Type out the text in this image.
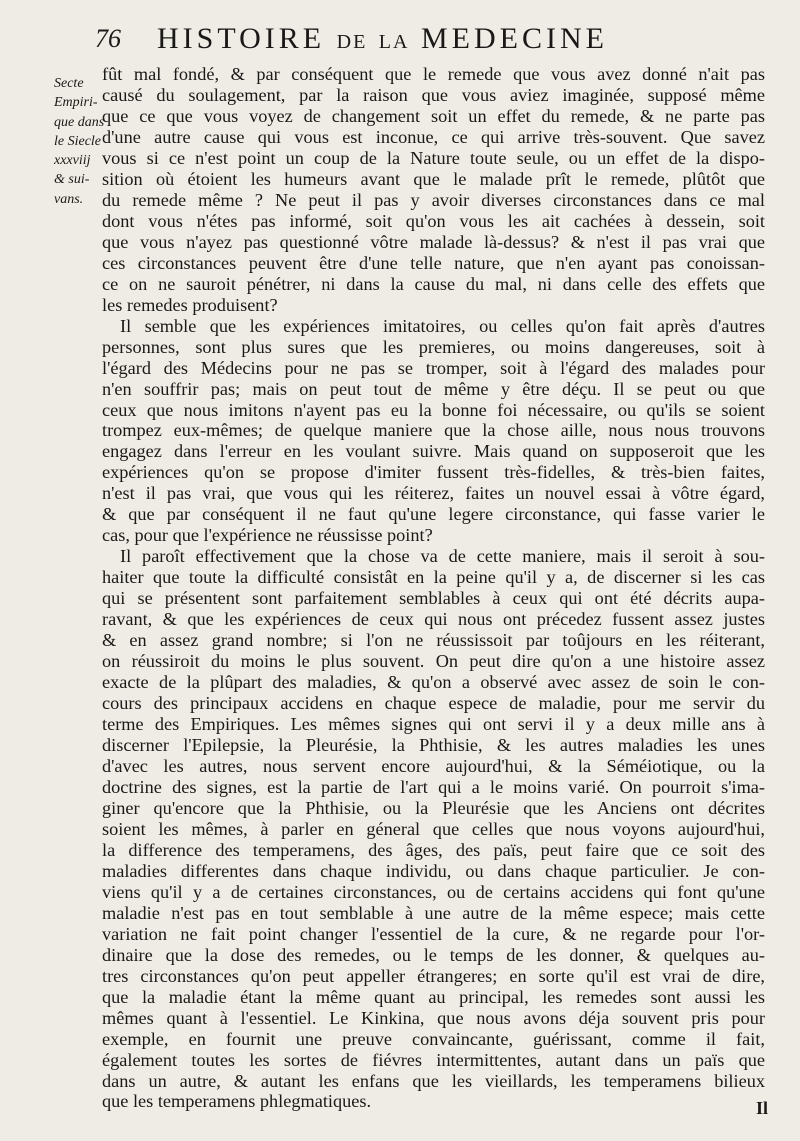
76 HISTOIRE DE LA MEDECINE
Secte
Empiri-
que dans
le Siecle
xxxviij
& sui-
vans.
fût mal fondé, & par conséquent que le remede que vous avez donné n'ait pas
causé du soulagement, par la raison que vous aviez imaginée, supposé même
que ce que vous voyez de changement soit un effet du remede, & ne parte pas
d'une autre cause qui vous est inconue, ce qui arrive très-souvent. Que savez
vous si ce n'est point un coup de la Nature toute seule, ou un effet de la dispo-
sition où étoient les humeurs avant que le malade prît le remede, plûtôt que
du remede même ? Ne peut il pas y avoir diverses circonstances dans ce mal
dont vous n'étes pas informé, soit qu'on vous les ait cachées à dessein, soit
que vous n'ayez pas questionné vôtre malade là-dessus? & n'est il pas vrai que
ces circonstances peuvent être d'une telle nature, que n'en ayant pas conoissan-
ce on ne sauroit pénétrer, ni dans la cause du mal, ni dans celle des effets que
les remedes produisent?
Il semble que les expériences imitatoires, ou celles qu'on fait après d'autres
personnes, sont plus sures que les premieres, ou moins dangereuses, soit à
l'égard des Médecins pour ne pas se tromper, soit à l'égard des malades pour
n'en souffrir pas; mais on peut tout de même y être déçu. Il se peut ou que
ceux que nous imitons n'ayent pas eu la bonne foi nécessaire, ou qu'ils se soient
trompez eux-mêmes; de quelque maniere que la chose aille, nous nous trouvons
engagez dans l'erreur en les voulant suivre. Mais quand on supposeroit que les
expériences qu'on se propose d'imiter fussent très-fidelles, & très-bien faites,
n'est il pas vrai, que vous qui les réiterez, faites un nouvel essai à vôtre égard,
& que par conséquent il ne faut qu'une legere circonstance, qui fasse varier le
cas, pour que l'expérience ne réussisse point?
Il paroît effectivement que la chose va de cette maniere, mais il seroit à sou-
haiter que toute la difficulté consistât en la peine qu'il y a, de discerner si les cas
qui se présentent sont parfaitement semblables à ceux qui ont été décrits aupa-
ravant, & que les expériences de ceux qui nous ont précedez fussent assez justes
& en assez grand nombre; si l'on ne réussissoit par toûjours en les réiterant,
on réussiroit du moins le plus souvent. On peut dire qu'on a une histoire assez
exacte de la plûpart des maladies, & qu'on a observé avec assez de soin le con-
cours des principaux accidens en chaque espece de maladie, pour me servir du
terme des Empiriques. Les mêmes signes qui ont servi il y a deux mille ans à
discerner l'Epilepsie, la Pleurésie, la Phthisie, & les autres maladies les unes
d'avec les autres, nous servent encore aujourd'hui, & la Séméiotique, ou la
doctrine des signes, est la partie de l'art qui a le moins varié. On pourroit s'ima-
giner qu'encore que la Phthisie, ou la Pleurésie que les Anciens ont décrites
soient les mêmes, à parler en géneral que celles que nous voyons aujourd'hui,
la difference des temperamens, des âges, des païs, peut faire que ce soit des
maladies differentes dans chaque individu, ou dans chaque particulier. Je con-
viens qu'il y a de certaines circonstances, ou de certains accidens qui font qu'une
maladie n'est pas en tout semblable à une autre de la même espece; mais cette
variation ne fait point changer l'essentiel de la cure, & ne regarde pour l'or-
dinaire que la dose des remedes, ou le temps de les donner, & quelques au-
tres circonstances qu'on peut appeller étrangeres; en sorte qu'il est vrai de dire,
que la maladie étant la même quant au principal, les remedes sont aussi les
mêmes quant à l'essentiel. Le Kinkina, que nous avons déja souvent pris pour
exemple, en fournit une preuve convaincante, guérissant, comme il fait,
également toutes les sortes de fiévres intermittentes, autant dans un païs que
dans un autre, & autant les enfans que les vieillards, les temperamens bilieux
que les temperamens phlegmatiques.	Il
